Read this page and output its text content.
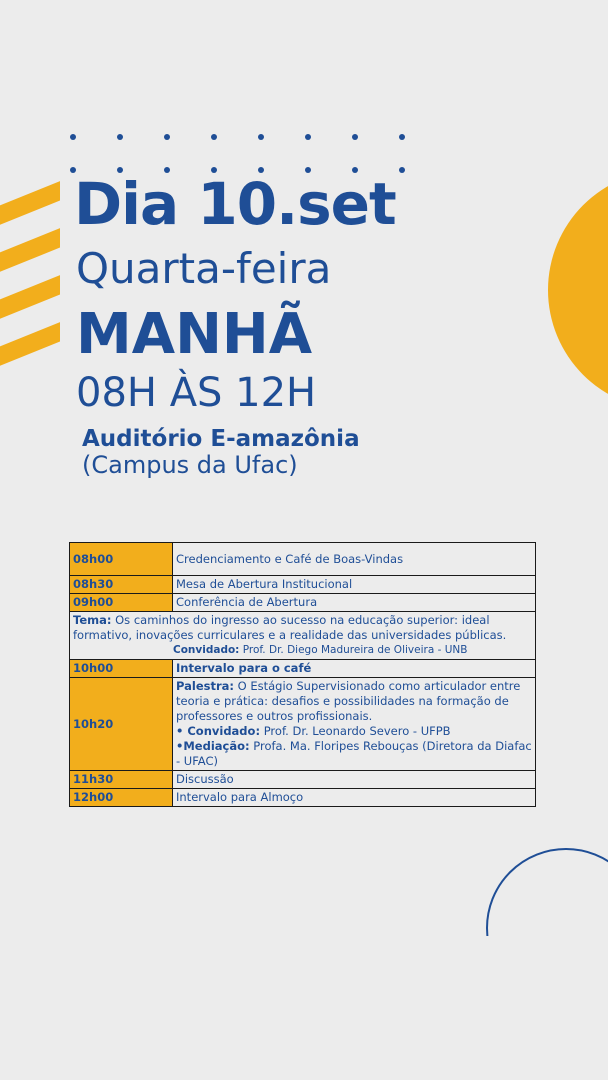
Dia 10.set
Quarta-feira
MANHÃ
08H ÀS 12H
Auditório E-amazônia
(Campus da Ufac)
08h00	Credenciamento e Café de Boas-Vindas
08h30	Mesa de Abertura Institucional
09h00	Conferência de Abertura
Tema: Os caminhos do ingresso ao sucesso na educação superior: ideal formativo, inovações curriculares e a realidade das universidades públicas.
Convidado: Prof. Dr. Diego Madureira de Oliveira - UNB	

10h00	Intervalo para o café
10h20	Palestra: O Estágio Supervisionado como articulador entre teoria e prática: desafios e possibilidades na formação de professores e outros profissionais.
• Convidado: Prof. Dr. Leonardo Severo - UFPB
•Mediação: Profa. Ma. Floripes Rebouças (Diretora da Diafac - UFAC)
11h30	Discussão
12h00	Intervalo para Almoço
